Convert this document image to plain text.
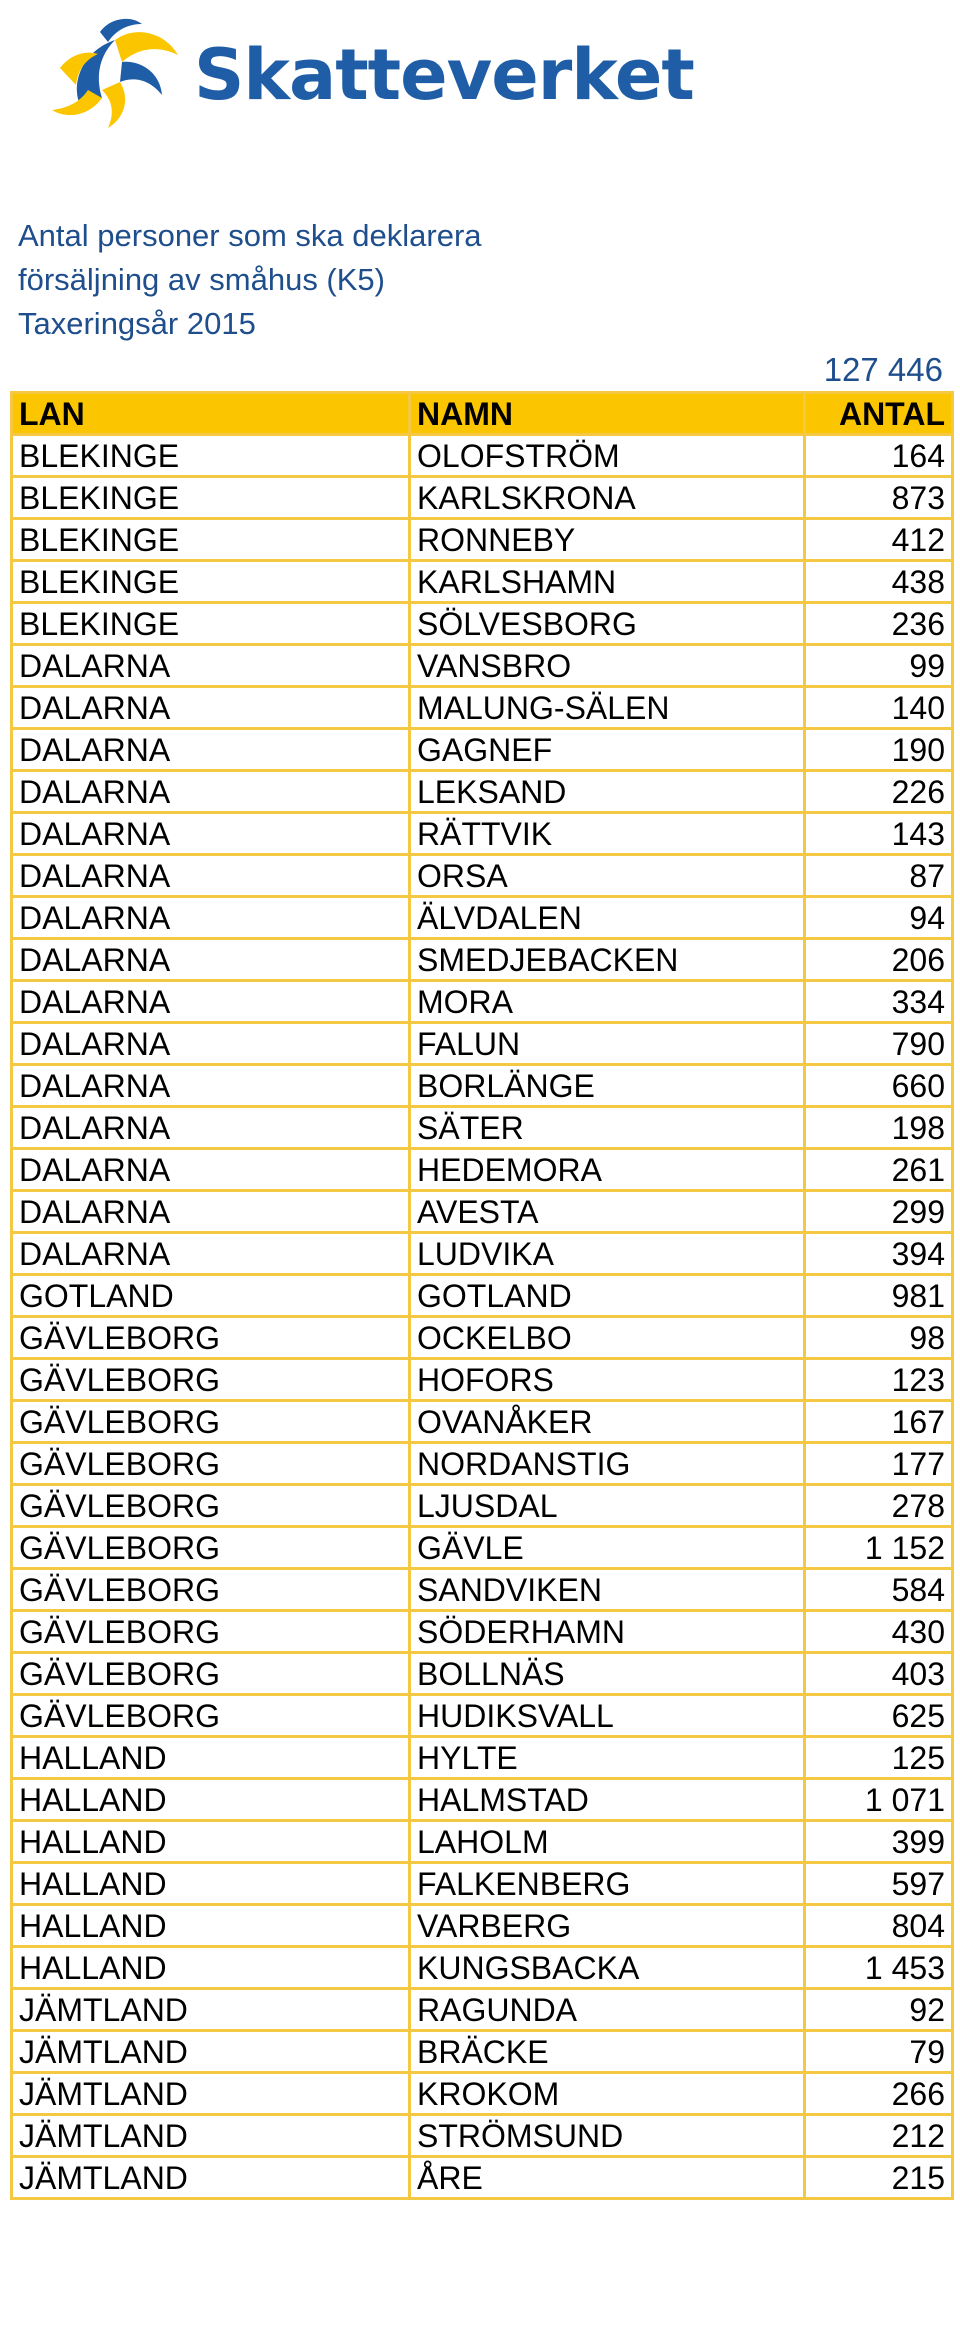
Skatteverket
Antal personer som ska deklarera
försäljning av småhus (K5)
Taxeringsår 2015
127 446
LAN	NAMN	ANTAL
BLEKINGE	OLOFSTRÖM	164
BLEKINGE	KARLSKRONA	873
BLEKINGE	RONNEBY	412
BLEKINGE	KARLSHAMN	438
BLEKINGE	SÖLVESBORG	236
DALARNA	VANSBRO	99
DALARNA	MALUNG-SÄLEN	140
DALARNA	GAGNEF	190
DALARNA	LEKSAND	226
DALARNA	RÄTTVIK	143
DALARNA	ORSA	87
DALARNA	ÄLVDALEN	94
DALARNA	SMEDJEBACKEN	206
DALARNA	MORA	334
DALARNA	FALUN	790
DALARNA	BORLÄNGE	660
DALARNA	SÄTER	198
DALARNA	HEDEMORA	261
DALARNA	AVESTA	299
DALARNA	LUDVIKA	394
GOTLAND	GOTLAND	981
GÄVLEBORG	OCKELBO	98
GÄVLEBORG	HOFORS	123
GÄVLEBORG	OVANÅKER	167
GÄVLEBORG	NORDANSTIG	177
GÄVLEBORG	LJUSDAL	278
GÄVLEBORG	GÄVLE	1 152
GÄVLEBORG	SANDVIKEN	584
GÄVLEBORG	SÖDERHAMN	430
GÄVLEBORG	BOLLNÄS	403
GÄVLEBORG	HUDIKSVALL	625
HALLAND	HYLTE	125
HALLAND	HALMSTAD	1 071
HALLAND	LAHOLM	399
HALLAND	FALKENBERG	597
HALLAND	VARBERG	804
HALLAND	KUNGSBACKA	1 453
JÄMTLAND	RAGUNDA	92
JÄMTLAND	BRÄCKE	79
JÄMTLAND	KROKOM	266
JÄMTLAND	STRÖMSUND	212
JÄMTLAND	ÅRE	215
